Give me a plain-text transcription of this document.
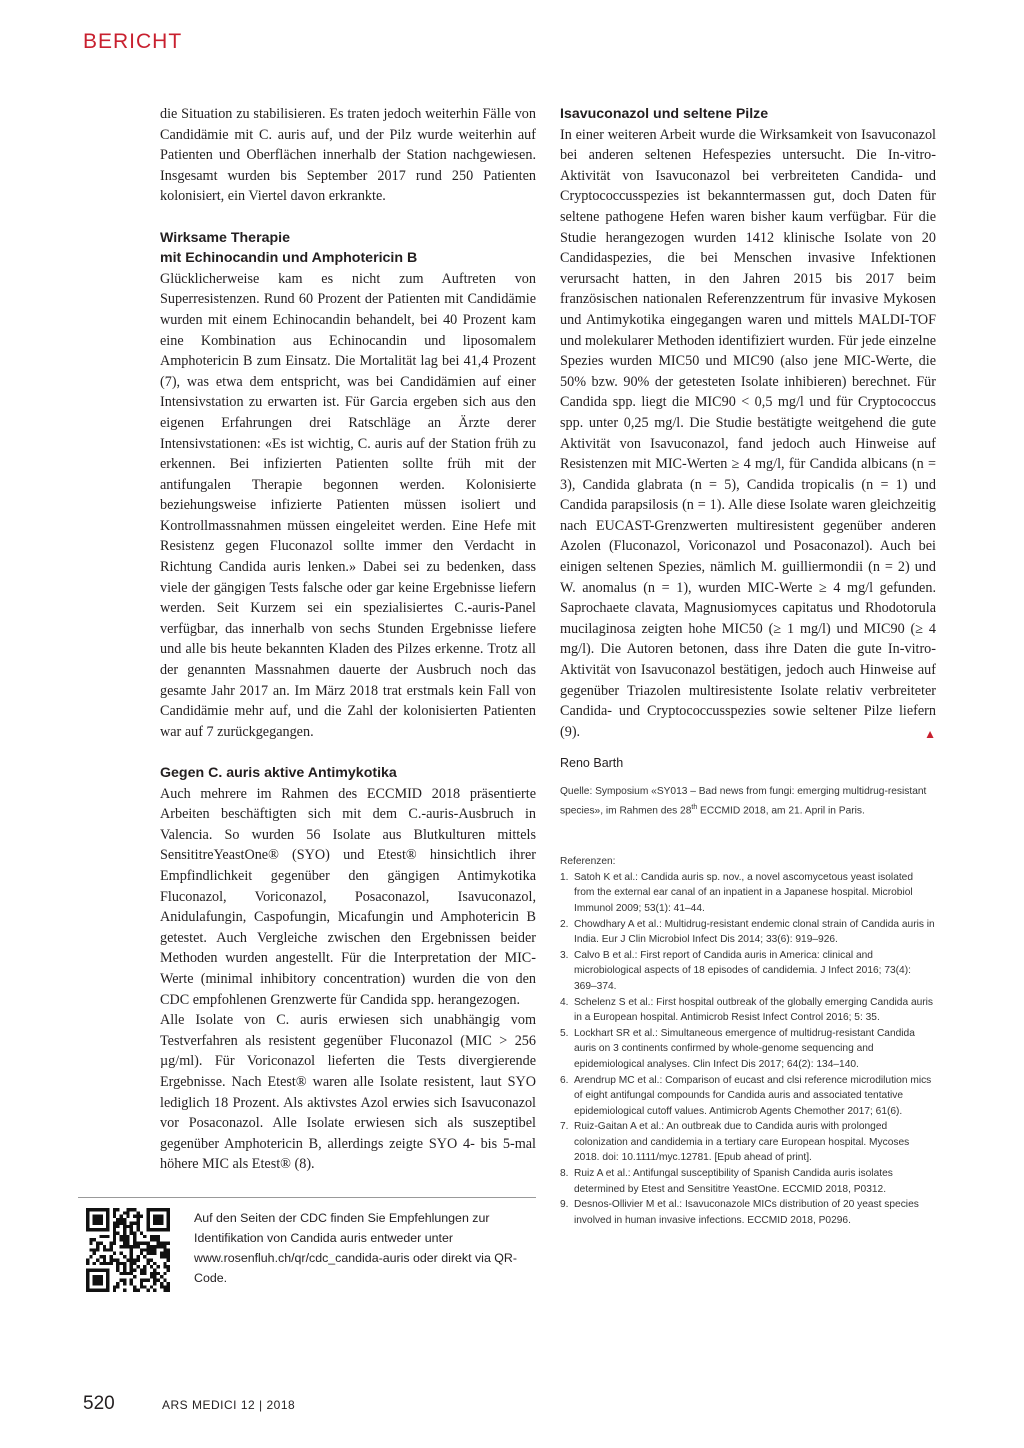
BERICHT

die Situation zu stabilisieren. Es traten jedoch weiterhin Fälle von Candidämie mit C. auris auf, und der Pilz wurde weiterhin auf Patienten und Oberflächen innerhalb der Station nachgewiesen. Insgesamt wurden bis September 2017 rund 250 Patienten kolonisiert, ein Viertel davon erkrankte.

Wirksame Therapie
mit Echinocandin und Amphotericin B

Glücklicherweise kam es nicht zum Auftreten von Superresistenzen. Rund 60 Prozent der Patienten mit Candidämie wurden mit einem Echinocandin behandelt, bei 40 Prozent kam eine Kombination aus Echinocandin und liposomalem Amphotericin B zum Einsatz. Die Mortalität lag bei 41,4 Prozent (7), was etwa dem entspricht, was bei Candidämien auf einer Intensivstation zu erwarten ist. Für Garcia ergeben sich aus den eigenen Erfahrungen drei Ratschläge an Ärzte derer Intensivstationen: «Es ist wichtig, C. auris auf der Station früh zu erkennen. Bei infizierten Patienten sollte früh mit der antifungalen Therapie begonnen werden. Kolonisierte beziehungsweise infizierte Patienten müssen isoliert und Kontrollmassnahmen müssen eingeleitet werden. Eine Hefe mit Resistenz gegen Fluconazol sollte immer den Verdacht in Richtung Candida auris lenken.» Dabei sei zu bedenken, dass viele der gängigen Tests falsche oder gar keine Ergebnisse liefern werden. Seit Kurzem sei ein spezialisiertes C.-auris-Panel verfügbar, das innerhalb von sechs Stunden Ergebnisse liefere und alle bis heute bekannten Kladen des Pilzes erkenne. Trotz all der genannten Massnahmen dauerte der Ausbruch noch das gesamte Jahr 2017 an. Im März 2018 trat erstmals kein Fall von Candidämie mehr auf, und die Zahl der kolonisierten Patienten war auf 7 zurückgegangen.

Gegen C. auris aktive Antimykotika

Auch mehrere im Rahmen des ECCMID 2018 präsentierte Arbeiten beschäftigten sich mit dem C.-auris-Ausbruch in Valencia. So wurden 56 Isolate aus Blutkulturen mittels SensititreYeastOne® (SYO) und Etest® hinsichtlich ihrer Empfindlichkeit gegenüber den gängigen Antimykotika Fluconazol, Voriconazol, Posaconazol, Isavuconazol, Anidulafungin, Caspofungin, Micafungin und Amphotericin B getestet. Auch Vergleiche zwischen den Ergebnissen beider Methoden wurden angestellt. Für die Interpretation der MIC-Werte (minimal inhibitory concentration) wurden die von den CDC empfohlenen Grenzwerte für Candida spp. herangezogen.

Alle Isolate von C. auris erwiesen sich unabhängig vom Testverfahren als resistent gegenüber Fluconazol (MIC > 256 µg/ml). Für Voriconazol lieferten die Tests divergierende Ergebnisse. Nach Etest® waren alle Isolate resistent, laut SYO lediglich 18 Prozent. Als aktivstes Azol erwies sich Isavuconazol vor Posaconazol. Alle Isolate erwiesen sich als suszeptibel gegenüber Amphotericin B, allerdings zeigte SYO 4- bis 5-mal höhere MIC als Etest® (8).

Isavuconazol und seltene Pilze

In einer weiteren Arbeit wurde die Wirksamkeit von Isavuconazol bei anderen seltenen Hefespezies untersucht. Die In-vitro-Aktivität von Isavuconazol bei verbreiteten Candida- und Cryptococcusspezies ist bekanntermassen gut, doch Daten für seltene pathogene Hefen waren bisher kaum verfügbar. Für die Studie herangezogen wurden 1412 klinische Isolate von 20 Candidaspezies, die bei Menschen invasive Infektionen verursacht hatten, in den Jahren 2015 bis 2017 beim französischen nationalen Referenzzentrum für invasive Mykosen und Antimykotika eingegangen waren und mittels MALDI-TOF und molekularer Methoden identifiziert wurden. Für jede einzelne Spezies wurden MIC50 und MIC90 (also jene MIC-Werte, die 50% bzw. 90% der getesteten Isolate inhibieren) berechnet. Für Candida spp. liegt die MIC90 < 0,5 mg/l und für Cryptococcus spp. unter 0,25 mg/l. Die Studie bestätigte weitgehend die gute Aktivität von Isavuconazol, fand jedoch auch Hinweise auf Resistenzen mit MIC-Werten ≥ 4 mg/l, für Candida albicans (n = 3), Candida glabrata (n = 5), Candida tropicalis (n = 1) und Candida parapsilosis (n = 1). Alle diese Isolate waren gleichzeitig nach EUCAST-Grenzwerten multiresistent gegenüber anderen Azolen (Fluconazol, Voriconazol und Posaconazol). Auch bei einigen seltenen Spezies, nämlich M. guilliermondii (n = 2) und W. anomalus (n = 1), wurden MIC-Werte ≥ 4 mg/l gefunden. Saprochaete clavata, Magnusiomyces capitatus und Rhodotorula mucilaginosa zeigten hohe MIC50 (≥ 1 mg/l) und MIC90 (≥ 4 mg/l). Die Autoren betonen, dass ihre Daten die gute In-vitro-Aktivität von Isavuconazol bestätigen, jedoch auch Hinweise auf gegenüber Triazolen multiresistente Isolate relativ verbreiteter Candida- und Cryptococcusspezies sowie seltener Pilze liefern (9).	▲

Reno Barth
Quelle: Symposium «SY013 – Bad news from fungi: emerging multidrug-resistant species», im Rahmen des 28th ECCMID 2018, am 21. April in Paris.
Referenzen:
1. Satoh K et al.: Candida auris sp. nov., a novel ascomycetous yeast isolated from the external ear canal of an inpatient in a Japanese hospital. Microbiol Immunol 2009; 53(1): 41–44.
2. Chowdhary A et al.: Multidrug-resistant endemic clonal strain of Candida auris in India. Eur J Clin Microbiol Infect Dis 2014; 33(6): 919–926.
3. Calvo B et al.: First report of Candida auris in America: clinical and microbiological aspects of 18 episodes of candidemia. J Infect 2016; 73(4): 369–374.
4. Schelenz S et al.: First hospital outbreak of the globally emerging Candida auris in a European hospital. Antimicrob Resist Infect Control 2016; 5: 35.
5. Lockhart SR et al.: Simultaneous emergence of multidrug-resistant Candida auris on 3 continents confirmed by whole-genome sequencing and epidemiological analyses. Clin Infect Dis 2017; 64(2): 134–140.
6. Arendrup MC et al.: Comparison of eucast and clsi reference microdilution mics of eight antifungal compounds for Candida auris and associated tentative epidemiological cutoff values. Antimicrob Agents Chemother 2017; 61(6).
7. Ruiz-Gaitan A et al.: An outbreak due to Candida auris with prolonged colonization and candidemia in a tertiary care European hospital. Mycoses 2018. doi: 10.1111/myc.12781. [Epub ahead of print].
8. Ruiz A et al.: Antifungal susceptibility of Spanish Candida auris isolates determined by Etest and Sensititre YeastOne. ECCMID 2018, P0312.
9. Desnos-Ollivier M et al.: Isavuconazole MICs distribution of 20 yeast species involved in human invasive infections. ECCMID 2018, P0296.
Auf den Seiten der CDC finden Sie Empfehlungen zur Identifikation von Candida auris entweder unter www.rosenfluh.ch/qr/cdc_candida-auris oder direkt via QR-Code.
520	ARS MEDICI 12 | 2018
